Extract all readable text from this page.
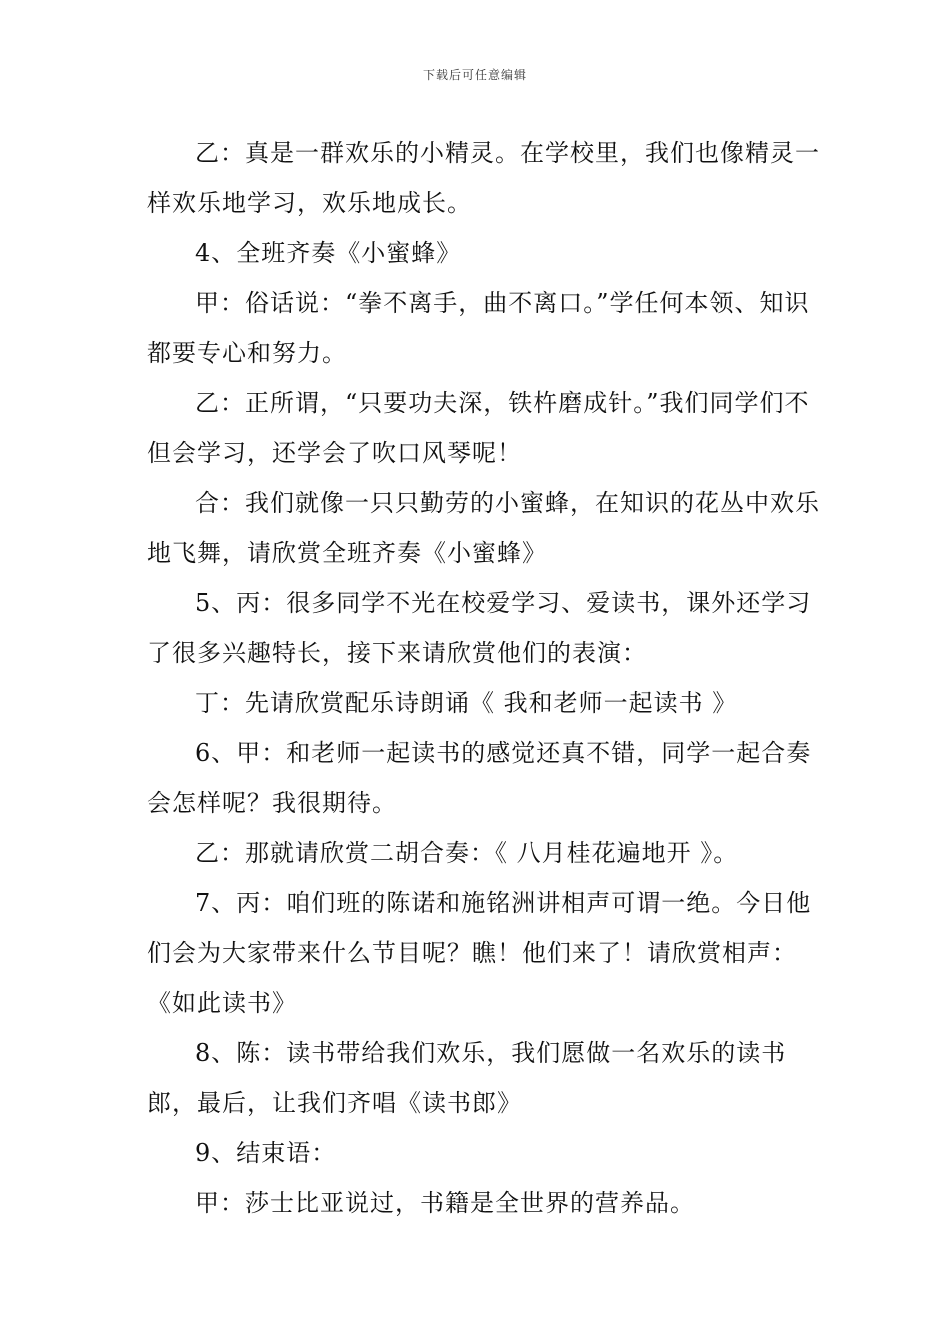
下载后可任意编辑

乙：真是一群欢乐的小精灵。在学校里，我们也像精灵一样欢乐地学习，欢乐地成长。

4、全班齐奏《小蜜蜂》

甲：俗话说：“拳不离手，曲不离口。”学任何本领、知识都要专心和努力。

乙：正所谓，“只要功夫深，铁杵磨成针。”我们同学们不但会学习，还学会了吹口风琴呢！

合：我们就像一只只勤劳的小蜜蜂，在知识的花丛中欢乐地飞舞，请欣赏全班齐奏《小蜜蜂》

5、丙：很多同学不光在校爱学习、爱读书，课外还学习了很多兴趣特长，接下来请欣赏他们的表演：

丁：先请欣赏配乐诗朗诵《 我和老师一起读书 》

6、甲：和老师一起读书的感觉还真不错，同学一起合奏会怎样呢？我很期待。

乙：那就请欣赏二胡合奏：《 八月桂花遍地开 》。

7、丙：咱们班的陈诺和施铭洲讲相声可谓一绝。今日他们会为大家带来什么节目呢？瞧！他们来了！请欣赏相声：《如此读书》

8、陈：读书带给我们欢乐，我们愿做一名欢乐的读书郎，最后，让我们齐唱《读书郎》

9、结束语：

甲：莎士比亚说过，书籍是全世界的营养品。
